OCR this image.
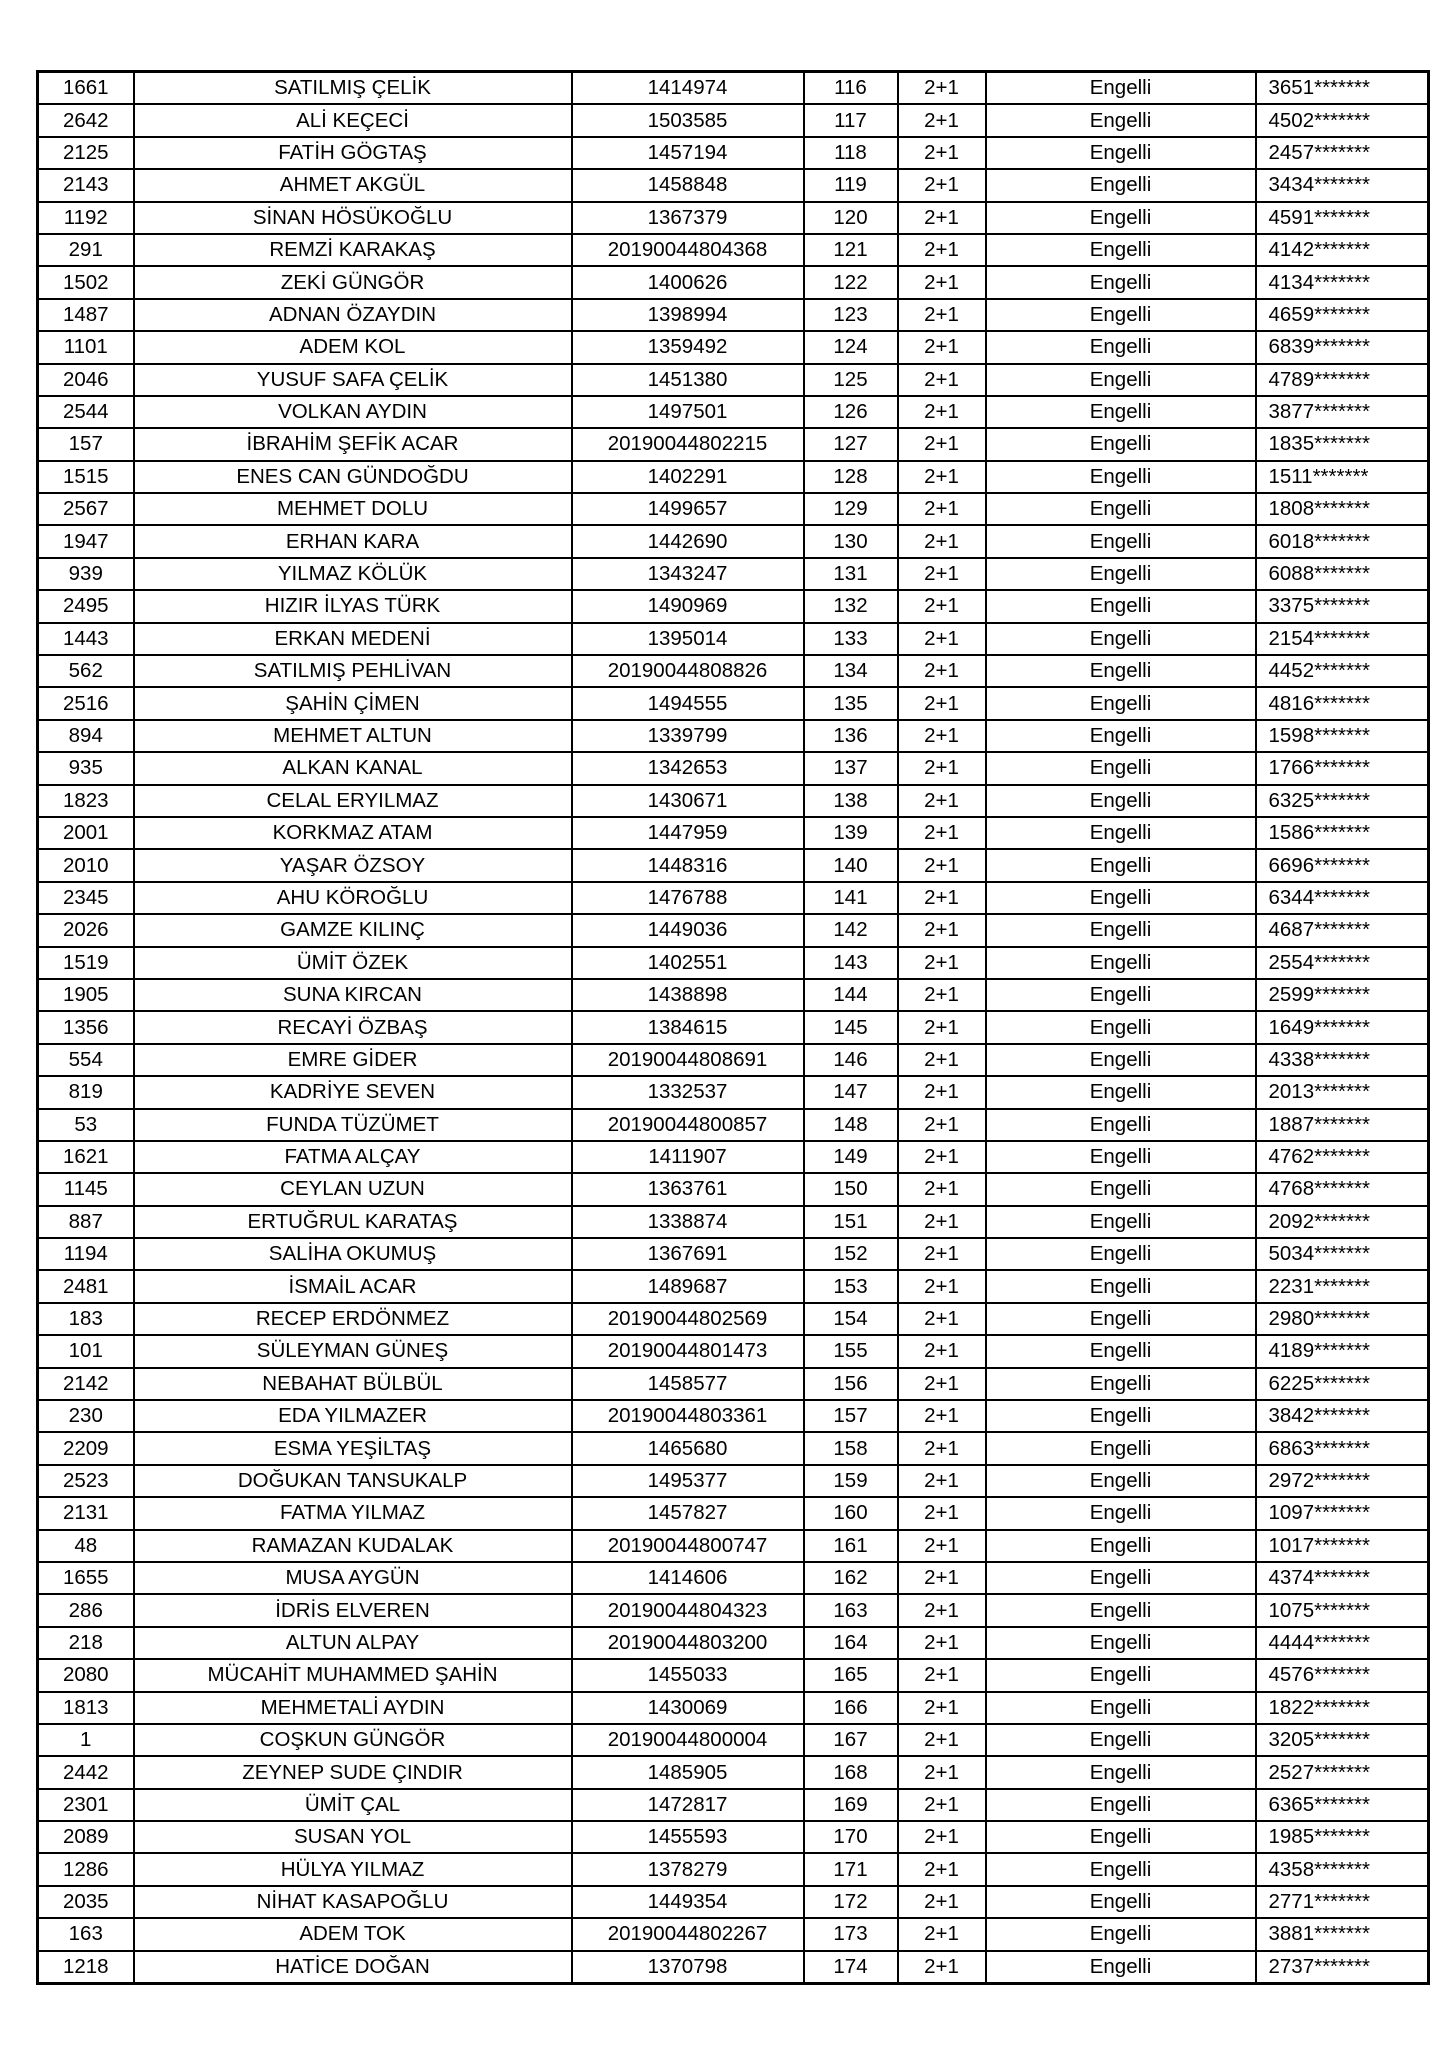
1661	SATILMIŞ ÇELİK	1414974	116	2+1	Engelli	3651*******
2642	ALİ KEÇECİ	1503585	117	2+1	Engelli	4502*******
2125	FATİH GÖGTAŞ	1457194	118	2+1	Engelli	2457*******
2143	AHMET AKGÜL	1458848	119	2+1	Engelli	3434*******
1192	SİNAN HÖSÜKOĞLU	1367379	120	2+1	Engelli	4591*******
291	REMZİ KARAKAŞ	20190044804368	121	2+1	Engelli	4142*******
1502	ZEKİ GÜNGÖR	1400626	122	2+1	Engelli	4134*******
1487	ADNAN ÖZAYDIN	1398994	123	2+1	Engelli	4659*******
1101	ADEM KOL	1359492	124	2+1	Engelli	6839*******
2046	YUSUF SAFA ÇELİK	1451380	125	2+1	Engelli	4789*******
2544	VOLKAN AYDIN	1497501	126	2+1	Engelli	3877*******
157	İBRAHİM ŞEFİK ACAR	20190044802215	127	2+1	Engelli	1835*******
1515	ENES CAN GÜNDOĞDU	1402291	128	2+1	Engelli	1511*******
2567	MEHMET DOLU	1499657	129	2+1	Engelli	1808*******
1947	ERHAN KARA	1442690	130	2+1	Engelli	6018*******
939	YILMAZ KÖLÜK	1343247	131	2+1	Engelli	6088*******
2495	HIZIR İLYAS TÜRK	1490969	132	2+1	Engelli	3375*******
1443	ERKAN MEDENİ	1395014	133	2+1	Engelli	2154*******
562	SATILMIŞ PEHLİVAN	20190044808826	134	2+1	Engelli	4452*******
2516	ŞAHİN ÇİMEN	1494555	135	2+1	Engelli	4816*******
894	MEHMET ALTUN	1339799	136	2+1	Engelli	1598*******
935	ALKAN KANAL	1342653	137	2+1	Engelli	1766*******
1823	CELAL ERYILMAZ	1430671	138	2+1	Engelli	6325*******
2001	KORKMAZ ATAM	1447959	139	2+1	Engelli	1586*******
2010	YAŞAR ÖZSOY	1448316	140	2+1	Engelli	6696*******
2345	AHU KÖROĞLU	1476788	141	2+1	Engelli	6344*******
2026	GAMZE KILINÇ	1449036	142	2+1	Engelli	4687*******
1519	ÜMİT ÖZEK	1402551	143	2+1	Engelli	2554*******
1905	SUNA KIRCAN	1438898	144	2+1	Engelli	2599*******
1356	RECAYİ ÖZBAŞ	1384615	145	2+1	Engelli	1649*******
554	EMRE GİDER	20190044808691	146	2+1	Engelli	4338*******
819	KADRİYE SEVEN	1332537	147	2+1	Engelli	2013*******
53	FUNDA TÜZÜMET	20190044800857	148	2+1	Engelli	1887*******
1621	FATMA ALÇAY	1411907	149	2+1	Engelli	4762*******
1145	CEYLAN UZUN	1363761	150	2+1	Engelli	4768*******
887	ERTUĞRUL KARATAŞ	1338874	151	2+1	Engelli	2092*******
1194	SALİHA OKUMUŞ	1367691	152	2+1	Engelli	5034*******
2481	İSMAİL ACAR	1489687	153	2+1	Engelli	2231*******
183	RECEP ERDÖNMEZ	20190044802569	154	2+1	Engelli	2980*******
101	SÜLEYMAN GÜNEŞ	20190044801473	155	2+1	Engelli	4189*******
2142	NEBAHAT BÜLBÜL	1458577	156	2+1	Engelli	6225*******
230	EDA YILMAZER	20190044803361	157	2+1	Engelli	3842*******
2209	ESMA YEŞİLTAŞ	1465680	158	2+1	Engelli	6863*******
2523	DOĞUKAN TANSUKALP	1495377	159	2+1	Engelli	2972*******
2131	FATMA YILMAZ	1457827	160	2+1	Engelli	1097*******
48	RAMAZAN KUDALAK	20190044800747	161	2+1	Engelli	1017*******
1655	MUSA AYGÜN	1414606	162	2+1	Engelli	4374*******
286	İDRİS ELVEREN	20190044804323	163	2+1	Engelli	1075*******
218	ALTUN ALPAY	20190044803200	164	2+1	Engelli	4444*******
2080	MÜCAHİT MUHAMMED ŞAHİN	1455033	165	2+1	Engelli	4576*******
1813	MEHMETALİ AYDIN	1430069	166	2+1	Engelli	1822*******
1	COŞKUN GÜNGÖR	20190044800004	167	2+1	Engelli	3205*******
2442	ZEYNEP SUDE ÇINDIR	1485905	168	2+1	Engelli	2527*******
2301	ÜMİT ÇAL	1472817	169	2+1	Engelli	6365*******
2089	SUSAN YOL	1455593	170	2+1	Engelli	1985*******
1286	HÜLYA YILMAZ	1378279	171	2+1	Engelli	4358*******
2035	NİHAT KASAPOĞLU	1449354	172	2+1	Engelli	2771*******
163	ADEM TOK	20190044802267	173	2+1	Engelli	3881*******
1218	HATİCE DOĞAN	1370798	174	2+1	Engelli	2737*******
